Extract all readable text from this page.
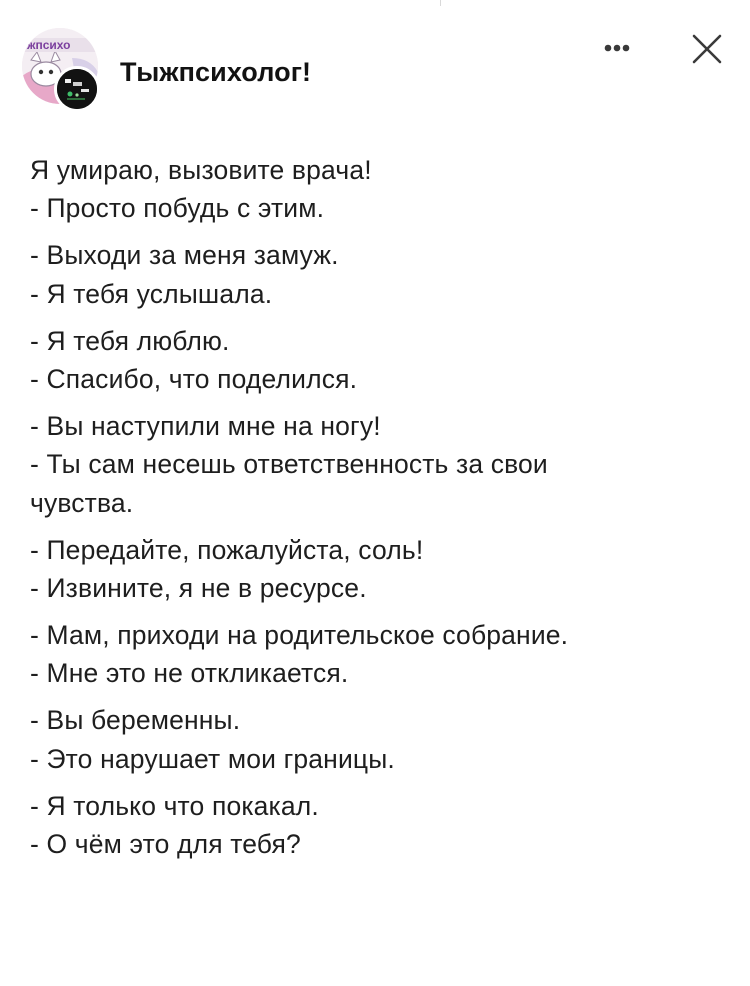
жпсихо
Тыжпсихолог!
Я умираю, вызовите врача!
- Просто побудь с этим.
- Выходи за меня замуж.
- Я тебя услышала.
- Я тебя люблю.
- Спасибо, что поделился.
- Вы наступили мне на ногу!
- Ты сам несешь ответственность за свои
чувства.
- Передайте, пожалуйста, соль!
- Извините, я не в ресурсе.
- Мам, приходи на родительское собрание.
- Мне это не откликается.
- Вы беременны.
- Это нарушает мои границы.
- Я только что покакал.
- О чём это для тебя?
